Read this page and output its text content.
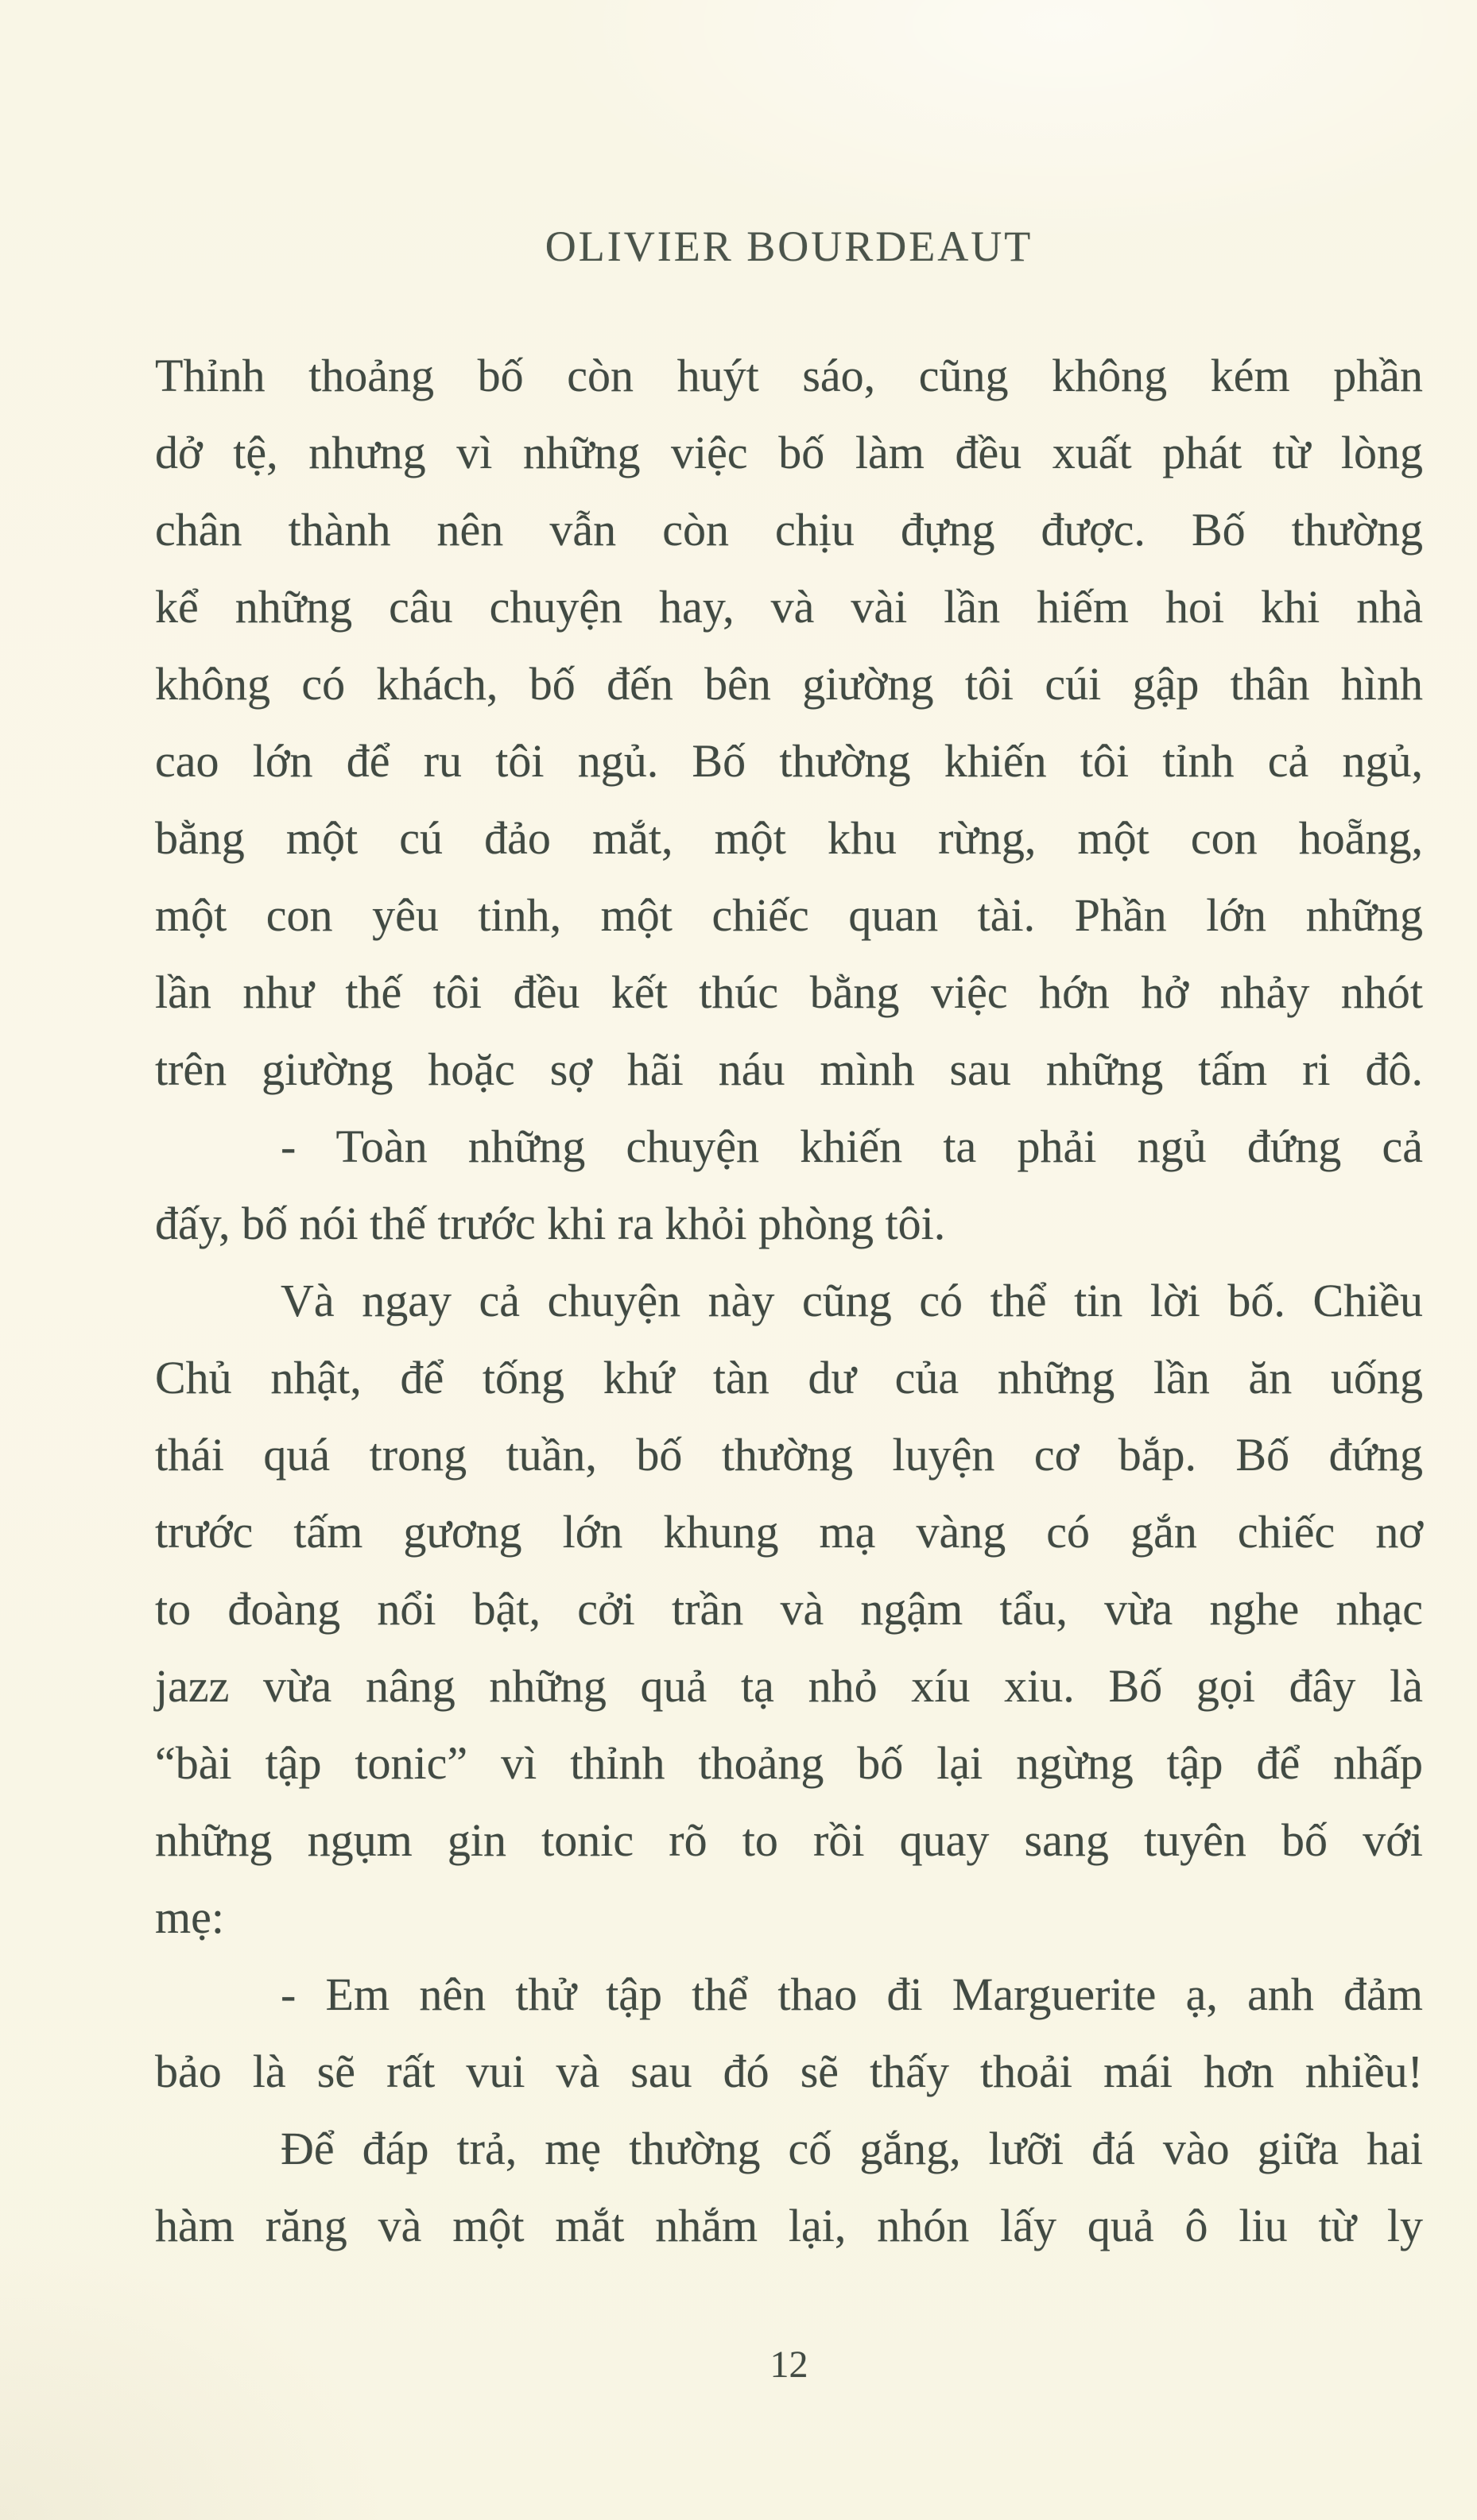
OLIVIER BOURDEAUT
Thỉnh thoảng bố còn huýt sáo, cũng không kém phần
dở tệ, nhưng vì những việc bố làm đều xuất phát từ lòng
chân thành nên vẫn còn chịu đựng được. Bố thường
kể những câu chuyện hay, và vài lần hiếm hoi khi nhà
không có khách, bố đến bên giường tôi cúi gập thân hình
cao lớn để ru tôi ngủ. Bố thường khiến tôi tỉnh cả ngủ,
bằng một cú đảo mắt, một khu rừng, một con hoẵng,
một con yêu tinh, một chiếc quan tài. Phần lớn những
lần như thế tôi đều kết thúc bằng việc hớn hở nhảy nhót
trên giường hoặc sợ hãi náu mình sau những tấm ri đô.
- Toàn những chuyện khiến ta phải ngủ đứng cả
đấy, bố nói thế trước khi ra khỏi phòng tôi.
Và ngay cả chuyện này cũng có thể tin lời bố. Chiều
Chủ nhật, để tống khứ tàn dư của những lần ăn uống
thái quá trong tuần, bố thường luyện cơ bắp. Bố đứng
trước tấm gương lớn khung mạ vàng có gắn chiếc nơ
to đoàng nổi bật, cởi trần và ngậm tẩu, vừa nghe nhạc
jazz vừa nâng những quả tạ nhỏ xíu xiu. Bố gọi đây là
“bài tập tonic” vì thỉnh thoảng bố lại ngừng tập để nhấp
những ngụm gin tonic rõ to rồi quay sang tuyên bố với
mẹ:
- Em nên thử tập thể thao đi Marguerite ạ, anh đảm
bảo là sẽ rất vui và sau đó sẽ thấy thoải mái hơn nhiều!
Để đáp trả, mẹ thường cố gắng, lưỡi đá vào giữa hai
hàm răng và một mắt nhắm lại, nhón lấy quả ô liu từ ly
12
